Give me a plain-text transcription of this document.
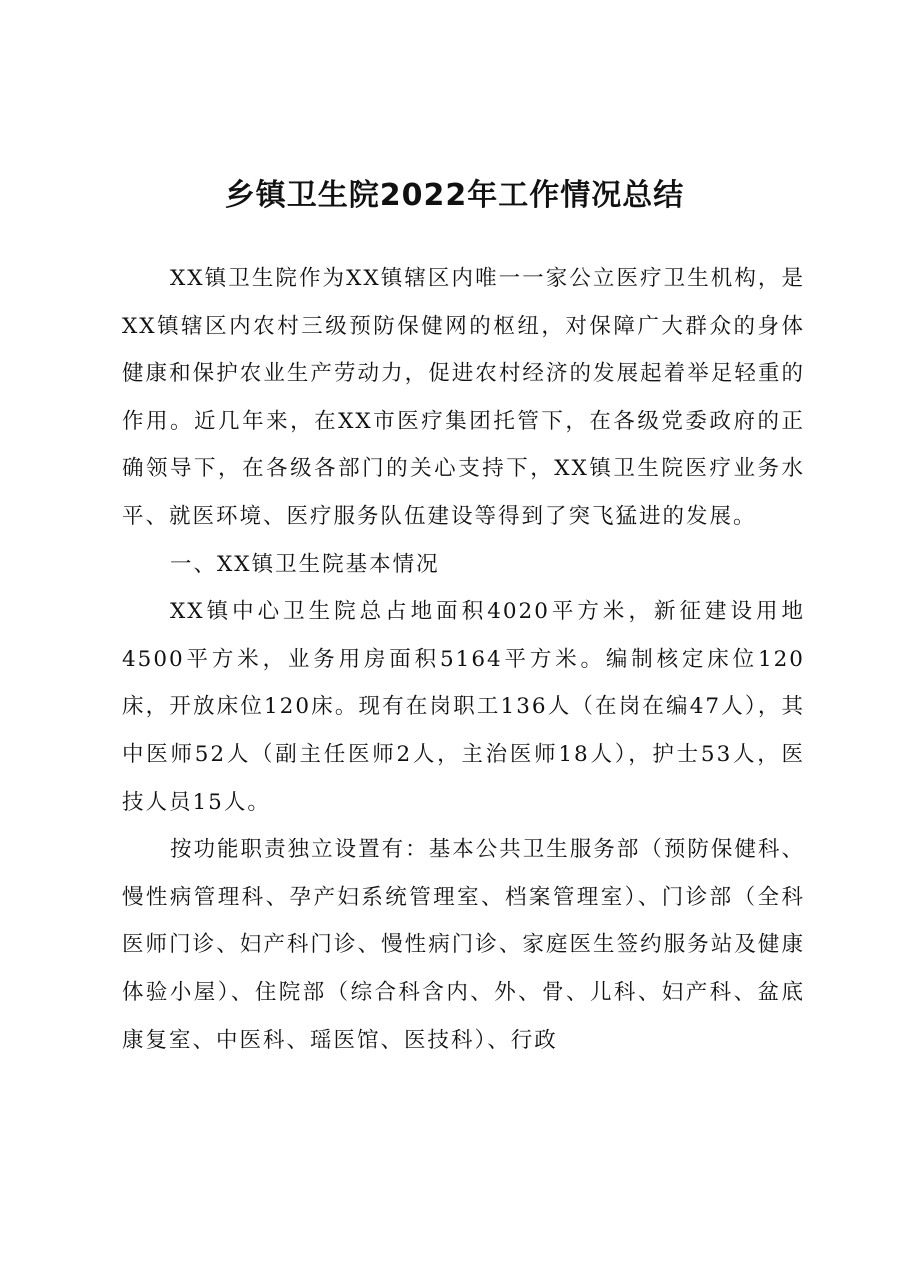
乡镇卫生院2022年工作情况总结

XX镇卫生院作为XX镇辖区内唯一一家公立医疗卫生机构，是XX镇辖区内农村三级预防保健网的枢纽，对保障广大群众的身体健康和保护农业生产劳动力，促进农村经济的发展起着举足轻重的作用。近几年来，在XX市医疗集团托管下，在各级党委政府的正确领导下，在各级各部门的关心支持下，XX镇卫生院医疗业务水平、就医环境、医疗服务队伍建设等得到了突飞猛进的发展。

一、XX镇卫生院基本情况

XX镇中心卫生院总占地面积4020平方米，新征建设用地4500平方米，业务用房面积5164平方米。编制核定床位120床，开放床位120床。现有在岗职工136人（在岗在编47人），其中医师52人（副主任医师2人，主治医师18人），护士53人，医技人员15人。

按功能职责独立设置有：基本公共卫生服务部（预防保健科、慢性病管理科、孕产妇系统管理室、档案管理室）、门诊部（全科医师门诊、妇产科门诊、慢性病门诊、家庭医生签约服务站及健康体验小屋）、住院部（综合科含内、外、骨、儿科、妇产科、盆底康复室、中医科、瑶医馆、医技科）、行政
